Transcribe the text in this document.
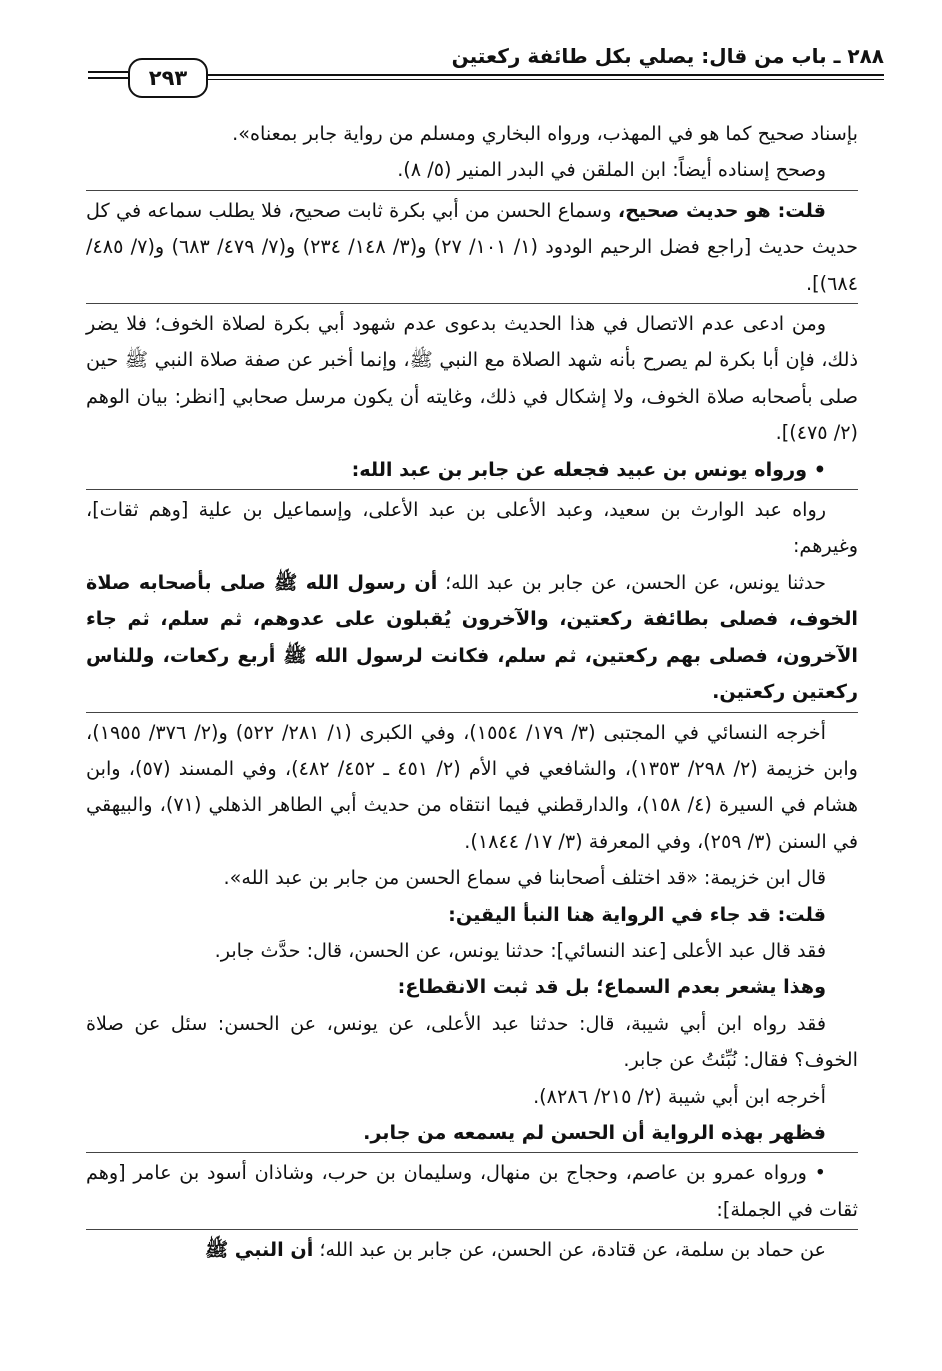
٢٨٨ ـ باب من قال: يصلي بكل طائفة ركعتين
٢٩٣

بإسناد صحيح كما هو في المهذب، ورواه البخاري ومسلم من رواية جابر بمعناه».

وصحح إسناده أيضاً: ابن الملقن في البدر المنير (٥/ ٨).

قلت: هو حديث صحيح، وسماع الحسن من أبي بكرة ثابت صحيح، فلا يطلب سماعه في كل حديث حديث [راجع فضل الرحيم الودود (١/ ١٠١/ ٢٧) و(٣/ ١٤٨/ ٢٣٤) و(٧/ ٤٧٩/ ٦٨٣) و(٧/ ٤٨٥/ ٦٨٤)].

ومن ادعى عدم الاتصال في هذا الحديث بدعوى عدم شهود أبي بكرة لصلاة الخوف؛ فلا يضر ذلك، فإن أبا بكرة لم يصرح بأنه شهد الصلاة مع النبي ﷺ، وإنما أخبر عن صفة صلاة النبي ﷺ حين صلى بأصحابه صلاة الخوف، ولا إشكال في ذلك، وغايته أن يكون مرسل صحابي [انظر: بيان الوهم (٢/ ٤٧٥)].

• ورواه يونس بن عبيد فجعله عن جابر بن عبد الله:

رواه عبد الوارث بن سعيد، وعبد الأعلى بن عبد الأعلى، وإسماعيل بن علية [وهم ثقات]، وغيرهم:

حدثنا يونس، عن الحسن، عن جابر بن عبد الله؛ أن رسول الله ﷺ صلى بأصحابه صلاة الخوف، فصلى بطائفة ركعتين، والآخرون يُقبلون على عدوهم، ثم سلم، ثم جاء الآخرون، فصلى بهم ركعتين، ثم سلم، فكانت لرسول الله ﷺ أربع ركعات، وللناس ركعتين ركعتين.

أخرجه النسائي في المجتبى (٣/ ١٧٩/ ١٥٥٤)، وفي الكبرى (١/ ٢٨١/ ٥٢٢) و(٢/ ٣٧٦/ ١٩٥٥)، وابن خزيمة (٢/ ٢٩٨/ ١٣٥٣)، والشافعي في الأم (٢/ ٤٥١ ـ ٤٥٢/ ٤٨٢)، وفي المسند (٥٧)، وابن هشام في السيرة (٤/ ١٥٨)، والدارقطني فيما انتقاه من حديث أبي الطاهر الذهلي (٧١)، والبيهقي في السنن (٣/ ٢٥٩)، وفي المعرفة (٣/ ١٧/ ١٨٤٤).

قال ابن خزيمة: «قد اختلف أصحابنا في سماع الحسن من جابر بن عبد الله».

قلت: قد جاء في الرواية هنا النبأ اليقين:

فقد قال عبد الأعلى [عند النسائي]: حدثنا يونس، عن الحسن، قال: حدَّث جابر.

وهذا يشعر بعدم السماع؛ بل قد ثبت الانقطاع:

فقد رواه ابن أبي شيبة، قال: حدثنا عبد الأعلى، عن يونس، عن الحسن: سئل عن صلاة الخوف؟ فقال: نُبِّئتُ عن جابر.

أخرجه ابن أبي شيبة (٢/ ٢١٥/ ٨٢٨٦).

فظهر بهذه الرواية أن الحسن لم يسمعه من جابر.

• ورواه عمرو بن عاصم، وحجاج بن منهال، وسليمان بن حرب، وشاذان أسود بن عامر [وهم ثقات في الجملة]:

عن حماد بن سلمة، عن قتادة، عن الحسن، عن جابر بن عبد الله؛ أن النبي ﷺ
